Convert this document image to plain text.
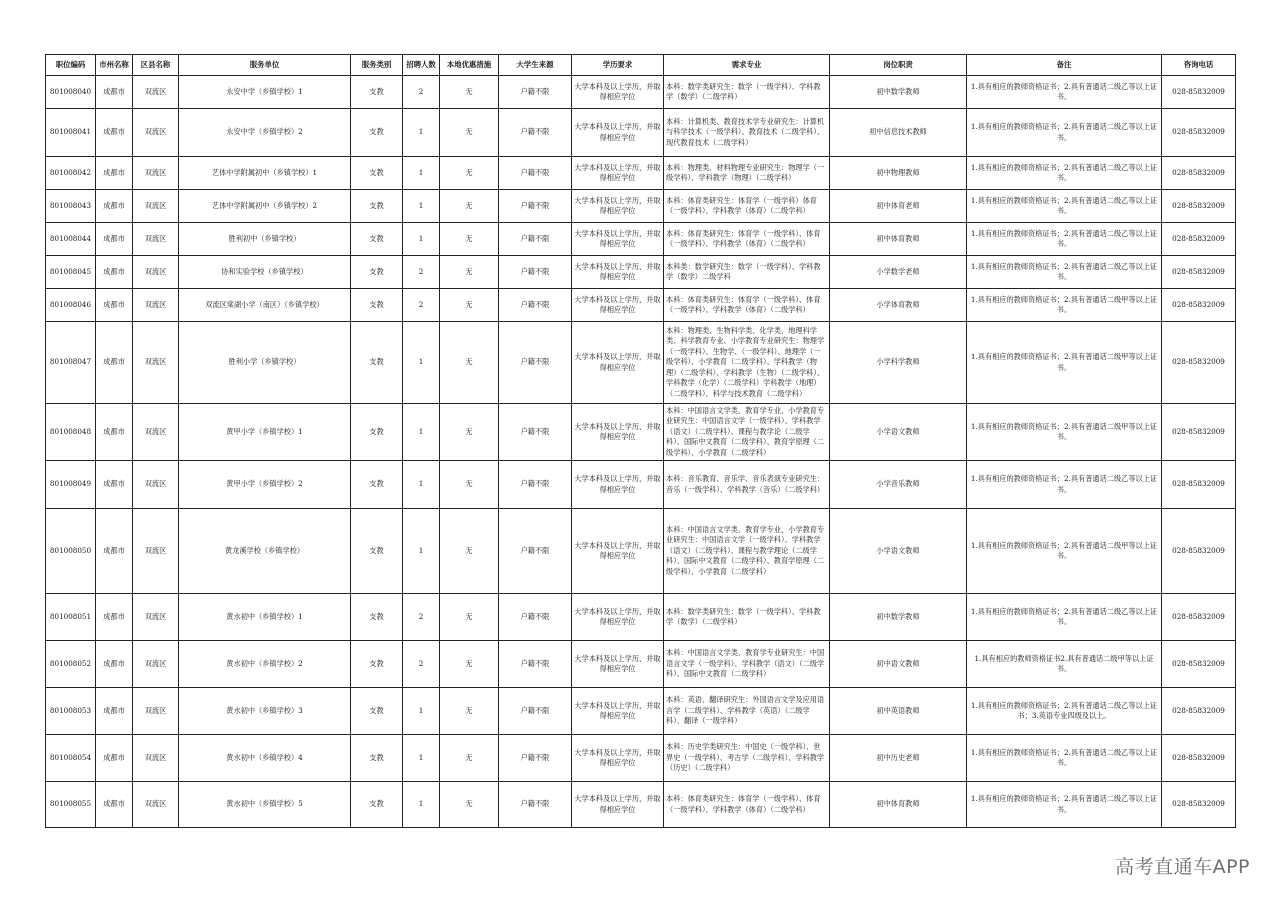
职位编码	市州名称	区县名称	服务单位	服务类别	招聘人数	本地优惠措施	大学生来源	学历要求	需求专业	岗位职责	备注	咨询电话
801008040	成都市	双流区	永安中学（乡镇学校）1	支教	2	无	户籍不限	大学本科及以上学历，并取得相应学位	本科：数学类研究生：数学（一级学科）、学科教学（数学）（二级学科）	初中数学教师	1.具有相应的教师资格证书；2.具有普通话二级乙等以上证书。	028-85832009
801008041	成都市	双流区	永安中学（乡镇学校）2	支教	1	无	户籍不限	大学本科及以上学历，并取得相应学位	本科：计算机类、教育技术学专业研究生：计算机与科学技术（一级学科）、教育技术（二级学科）、现代教育技术（二级学科）	初中信息技术教师	1.具有相应的教师资格证书；2.具有普通话二级乙等以上证书。	028-85832009
801008042	成都市	双流区	艺体中学附属初中（乡镇学校）1	支教	1	无	户籍不限	大学本科及以上学历，并取得相应学位	本科：物理类、材料物理专业研究生：物理学（一级学科）、学科教学（物理）（二级学科）	初中物理教师	1.具有相应的教师资格证书；2.具有普通话二级乙等以上证书。	028-85832009
801008043	成都市	双流区	艺体中学附属初中（乡镇学校）2	支教	1	无	户籍不限	大学本科及以上学历，并取得相应学位	本科：体育类研究生：体育学（一级学科）体育（一级学科）、学科教学（体育）（二级学科）	初中体育老师	1.具有相应的教师资格证书；2.具有普通话二级乙等以上证书。	028-85832009
801008044	成都市	双流区	胜利初中（乡镇学校）	支教	1	无	户籍不限	大学本科及以上学历，并取得相应学位	本科：体育类研究生：体育学（一级学科）、体育（一级学科）、学科教学（体育）（二级学科）	初中体育教师	1.具有相应的教师资格证书；2.具有普通话二级乙等以上证书。	028-85832009
801008045	成都市	双流区	协和实验学校（乡镇学校）	支教	2	无	户籍不限	大学本科及以上学历，并取得相应学位	本科类：数学研究生：数学（一级学科）、学科教学（数学）二级学科	小学数学老师	1.具有相应的教师资格证书；2.具有普通话二级乙等以上证书。	028-85832009
801008046	成都市	双流区	双流区棠湖小学（南区）（乡镇学校）	支教	2	无	户籍不限	大学本科及以上学历，并取得相应学位	本科：体育类研究生：体育学（一级学科）、体育（一级学科）、学科教学（体育）（二级学科）	小学体育教师	1.具有相应的教师资格证书；2.具有普通话二级甲等以上证书。	028-85832009
801008047	成都市	双流区	胜利小学（乡镇学校）	支教	1	无	户籍不限	大学本科及以上学历，并取得相应学位	本科：物理类、生物科学类、化学类、地理科学类、科学教育专业、小学教育专业研究生：物理学（一级学科）、生物学、（一级学科）、地理学（一级学科）、小学教育（二级学科）、学科教学（物理）（二级学科）、学科教学（生物）（二级学科）、学科教学（化学）（二级学科）学科教学（地理）（二级学科）、科学与技术教育（二级学科）	小学科学教师	1.具有相应的教师资格证书；2.具有普通话二级甲等以上证书。	028-85832009
801008048	成都市	双流区	黄甲小学（乡镇学校）1	支教	1	无	户籍不限	大学本科及以上学历，并取得相应学位	本科：中国语言文学类、教育学专业、小学教育专业研究生：中国语言文学（一级学科）、学科教学（语文）（二级学科）、课程与教学论（二级学科）、国际中文教育（二级学科）、教育学原理（二级学科）、小学教育（二级学科）	小学语文教师	1.具有相应的教师资格证书；2.具有普通话二级甲等以上证书。	028-85832009
801008049	成都市	双流区	黄甲小学（乡镇学校）2	支教	1	无	户籍不限	大学本科及以上学历，并取得相应学位	本科：音乐教育、音乐学、音乐表演专业研究生：音乐（一级学科）、学科教学（音乐）（二级学科）	小学音乐教师	1.具有相应的教师资格证书；2.具有普通话二级乙等以上证书。	028-85832009
801008050	成都市	双流区	黄龙溪学校（乡镇学校）	支教	1	无	户籍不限	大学本科及以上学历，并取得相应学位	本科：中国语言文学类、教育学专业、小学教育专业研究生：中国语言文学（一级学科）、学科教学（语文）（二级学科）、课程与教学理论（二级学科）、国际中文教育（二级学科）、教育学原理（二级学科）、小学教育（二级学科）	小学语文教师	1.具有相应的教师资格证书；2.具有普通话二级甲等以上证书。	028-85832009
801008051	成都市	双流区	黄水初中（乡镇学校）1	支教	2	无	户籍不限	大学本科及以上学历，并取得相应学位	本科：数学类研究生：数学（一级学科）、学科教学（数学）（二级学科）	初中数学教师	1.具有相应的教师资格证书；2.具有普通话二级乙等以上证书。	028-85832009
801008052	成都市	双流区	黄水初中（乡镇学校）2	支教	2	无	户籍不限	大学本科及以上学历，并取得相应学位	本科：中国语言文学类、教育学专业研究生：中国语言文学（一级学科）、学科教学（语文）（二级学科）、国际中文教育（二级学科）	初中语文教师	1.具有相应的教师资格证书2.具有普通话二级甲等以上证书。	028-85832009
801008053	成都市	双流区	黄水初中（乡镇学校）3	支教	1	无	户籍不限	大学本科及以上学历，并取得相应学位	本科：英语、翻译研究生：外国语言文学及应用语言学（二级学科）、学科教学（英语）（二级学科）、翻译（一级学科）	初中英语教师	1.具有相应的教师资格证书；2.具有普通话二级乙等以上证书；3.英语专业四级及以上。	028-85832009
801008054	成都市	双流区	黄水初中（乡镇学校）4	支教	1	无	户籍不限	大学本科及以上学历，并取得相应学位	本科：历史学类研究生：中国史（一级学科）、世界史（一级学科）、考古学（二级学科）、学科教学（历史）（二级学科）	初中历史老师	1.具有相应的教师资格证书；2.具有普通话二级乙等以上证书。	028-85832009
801008055	成都市	双流区	黄水初中（乡镇学校）5	支教	1	无	户籍不限	大学本科及以上学历，并取得相应学位	本科：体育类研究生：体育学（一级学科）、体育（一级学科）、学科教学（体育）（二级学科）	初中体育教师	1.具有相应的教师资格证书；2.具有普通话二级乙等以上证书。	028-85832009
高考直通车APP
